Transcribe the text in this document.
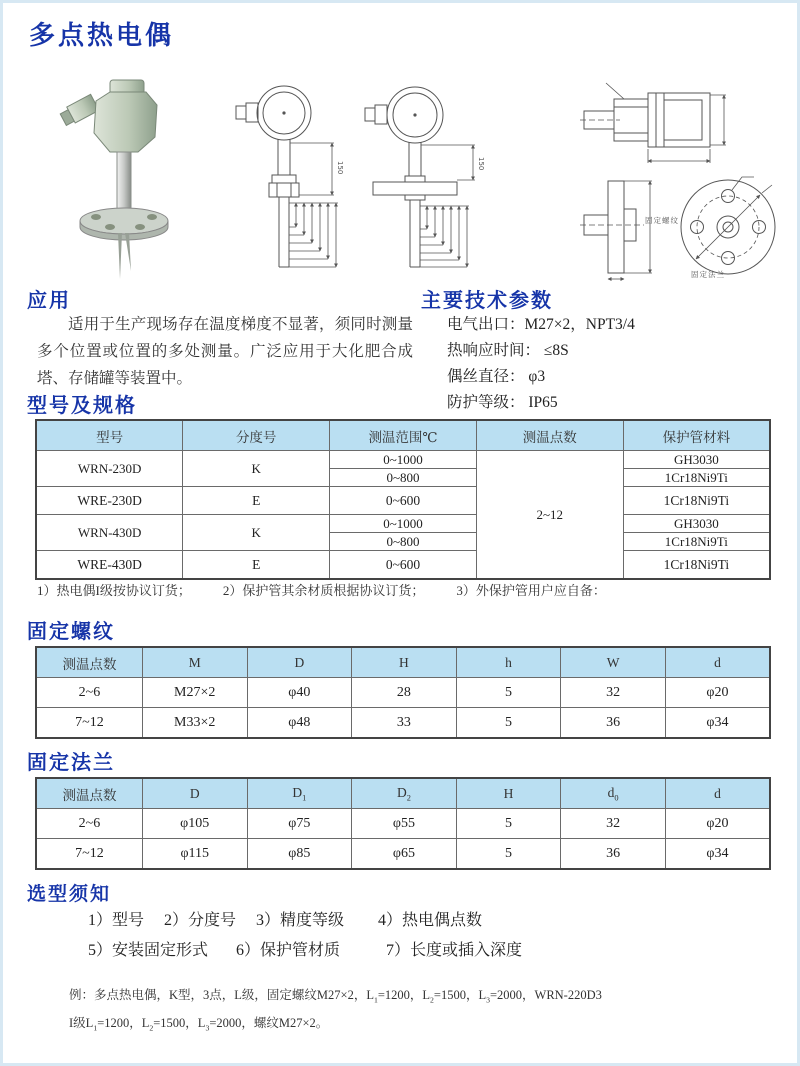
多点热电偶
150	150
固定螺纹
固定法兰
应用
适用于生产现场存在温度梯度不显著，须同时测量多个位置或位置的多处测量。广泛应用于大化肥合成塔、存储罐等装置中。
主要技术参数
电气出口：M27×2，NPT3/4
热响应时间： ≤8S
偶丝直径： φ3
防护等级： IP65
型号及规格
型号	分度号	测温范围℃	测温点数	保护管材料
WRN-230D	K	0~1000	2~12	GH3030
		0~800		1Cr18Ni9Ti
WRE-230D	E	0~600		1Cr18Ni9Ti
WRN-430D	K	0~1000		GH3030
		0~800		1Cr18Ni9Ti
WRE-430D	E	0~600		1Cr18Ni9Ti
1）热电偶I级按协议订货； 2）保护管其余材质根据协议订货； 3）外保护管用户应自备：
固定螺纹
测温点数	M	D	H	h	W	d
2~6	M27×2	φ40	28	5	32	φ20
7~12	M33×2	φ48	33	5	36	φ34
固定法兰
测温点数	D	$D_1$	$D_2$	H	$d_0$	d
2~6	φ105	φ75	φ55	5	32	φ20
7~12	φ115	φ85	φ65	5	36	φ34
选型须知
1）型号 2）分度号 3）精度等级 4）热电偶点数
5）安装固定形式 6）保护管材质	7）长度或插入深度
例：多点热电偶，K型，3点，L级，固定螺纹M27×2，$L_1=1200$，$L_2=1500$，$L_3=2000$，WRN-220D3
I级$L_1=1200$，$L_2=1500$，$L_3=2000$，螺纹M27×2。
